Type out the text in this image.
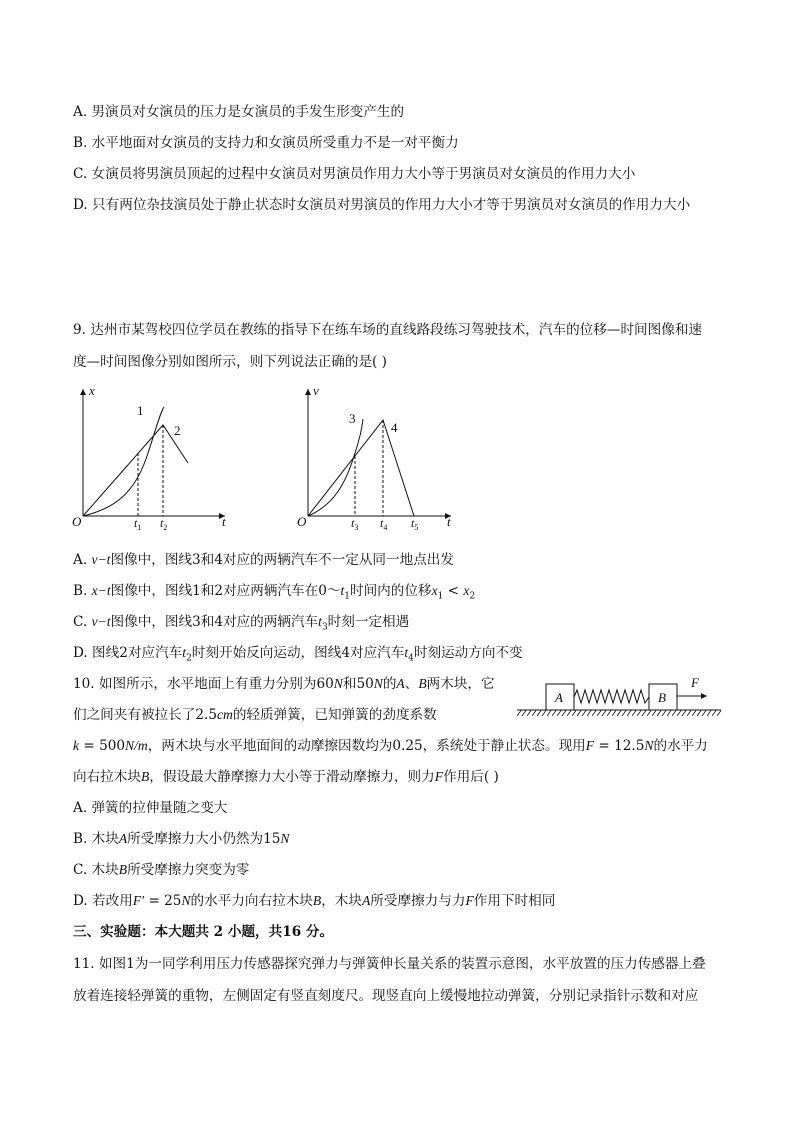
A. 男演员对女演员的压力是女演员的手发生形变产生的
B. 水平地面对女演员的支持力和女演员所受重力不是一对平衡力
C. 女演员将男演员顶起的过程中女演员对男演员作用力大小等于男演员对女演员的作用力大小
D. 只有两位杂技演员处于静止状态时女演员对男演员的作用力大小才等于男演员对女演员的作用力大小
9. 达州市某驾校四位学员在教练的指导下在练车场的直线路段练习驾驶技术，汽车的位移—时间图像和速
度—时间图像分别如图所示，则下列说法正确的是( )
x
1
2
O	t
$t_1$ $t_2$
v
3
4
O	t
$t_3$ $t_4$ $t_5$
A. v−t图像中，图线3和4对应的两辆汽车不一定从同一地点出发
B. x−t图像中，图线1和2对应两辆汽车在$0\sim t_1$时间内的位移$x_1 < x_2$
C. v−t图像中，图线3和4对应的两辆汽车$t_3$时刻一定相遇
D. 图线2对应汽车$t_2$时刻开始反向运动，图线4对应汽车$t_4$时刻运动方向不变
10. 如图所示，水平地面上有重力分别为60N和50N的A、B两木块，它
们之间夹有被拉长了2.5cm的轻质弹簧，已知弹簧的劲度系数
A	B
F
k = 500N/m，两木块与水平地面间的动摩擦因数均为0.25，系统处于静止状态。现用F = 12.5N的水平力
向右拉木块B，假设最大静摩擦力大小等于滑动摩擦力，则力F作用后( )
A. 弹簧的拉伸量随之变大
B. 木块A所受摩擦力大小仍然为15N
C. 木块B所受摩擦力突变为零
D. 若改用F′ = 25N的水平力向右拉木块B，木块A所受摩擦力与力F作用下时相同
三、实验题：本大题共 2 小题，共16 分。
11. 如图1为一同学利用压力传感器探究弹力与弹簧伸长量关系的装置示意图，水平放置的压力传感器上叠
放着连接轻弹簧的重物，左侧固定有竖直刻度尺。现竖直向上缓慢地拉动弹簧，分别记录指针示数和对应
